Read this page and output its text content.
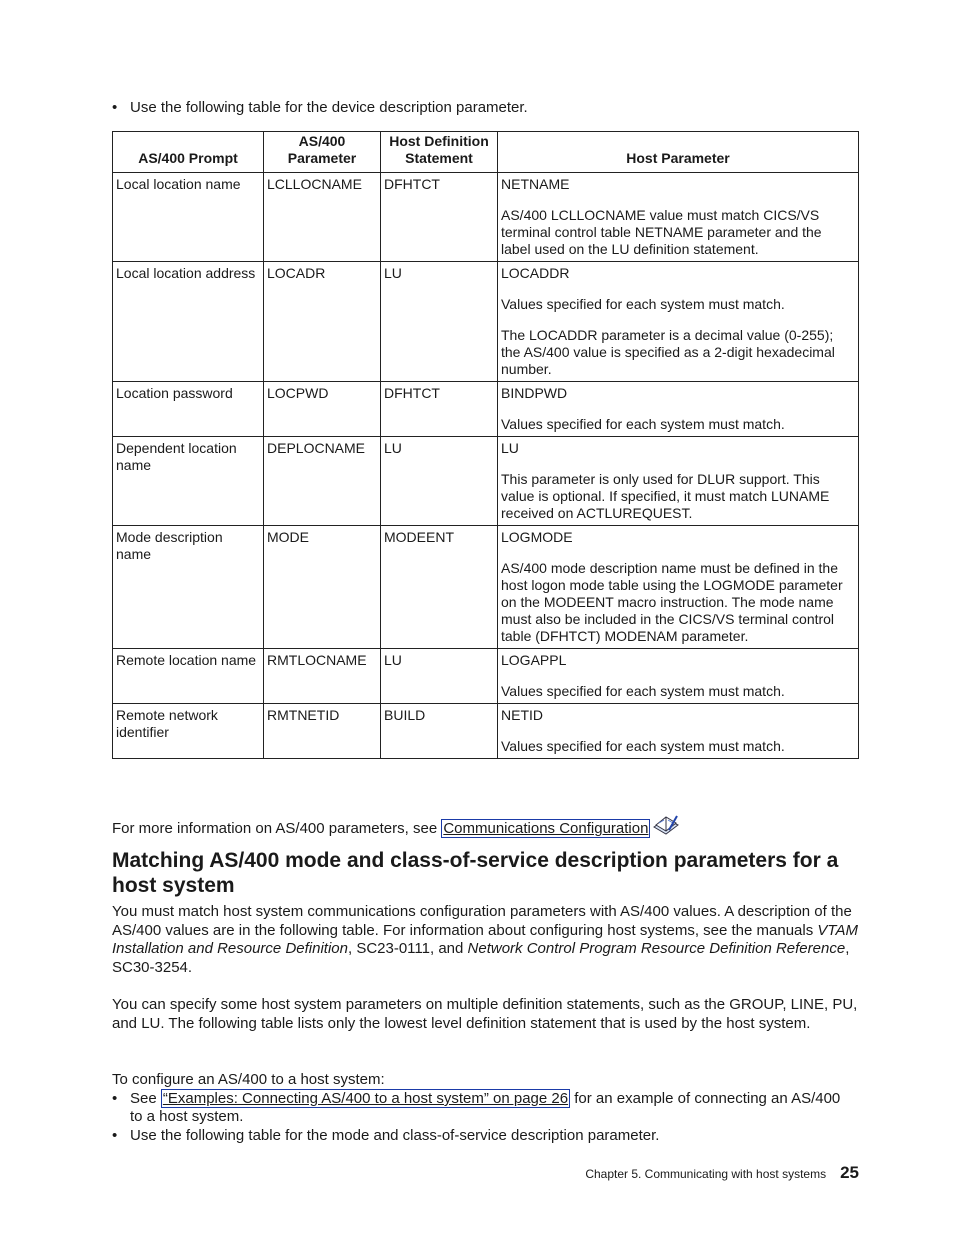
• Use the following table for the device description parameter.
AS/400 Prompt	AS/400 Parameter	Host Definition Statement	Host Parameter
Local location name	LCLLOCNAME	DFHTCT	NETNAME

AS/400 LCLLOCNAME value must match CICS/VS terminal control table NETNAME parameter and the label used on the LU definition statement.

Local location address	LOCADR	LU	LOCADDR

Values specified for each system must match.

The LOCADDR parameter is a decimal value (0-255); the AS/400 value is specified as a 2-digit hexadecimal number.

Location password	LOCPWD	DFHTCT	BINDPWD

Values specified for each system must match.

Dependent location name	DEPLOCNAME	LU	LU

This parameter is only used for DLUR support. This value is optional. If specified, it must match LUNAME received on ACTLUREQUEST.

Mode description name	MODE	MODEENT	LOGMODE

AS/400 mode description name must be defined in the host logon mode table using the LOGMODE parameter on the MODEENT macro instruction. The mode name must also be included in the CICS/VS terminal control table (DFHTCT) MODENAM parameter.

Remote location name	RMTLOCNAME	LU	LOGAPPL

Values specified for each system must match.

Remote network identifier	RMTNETID	BUILD	NETID

Values specified for each system must match.

For more information on AS/400 parameters, see Communications Configuration
Matching AS/400 mode and class-of-service description parameters for a host system

You must match host system communications configuration parameters with AS/400 values. A description of the AS/400 values are in the following table. For information about configuring host systems, see the manuals VTAM Installation and Resource Definition, SC23-0111, and Network Control Program Resource Definition Reference, SC30-3254.

You can specify some host system parameters on multiple definition statements, such as the GROUP, LINE, PU, and LU. The following table lists only the lowest level definition statement that is used by the host system.

To configure an AS/400 to a host system:

• See “Examples: Connecting AS/400 to a host system” on page 26 for an example of connecting an AS/400 to a host system.
• Use the following table for the mode and class-of-service description parameter.
Chapter 5. Communicating with host systems 25
